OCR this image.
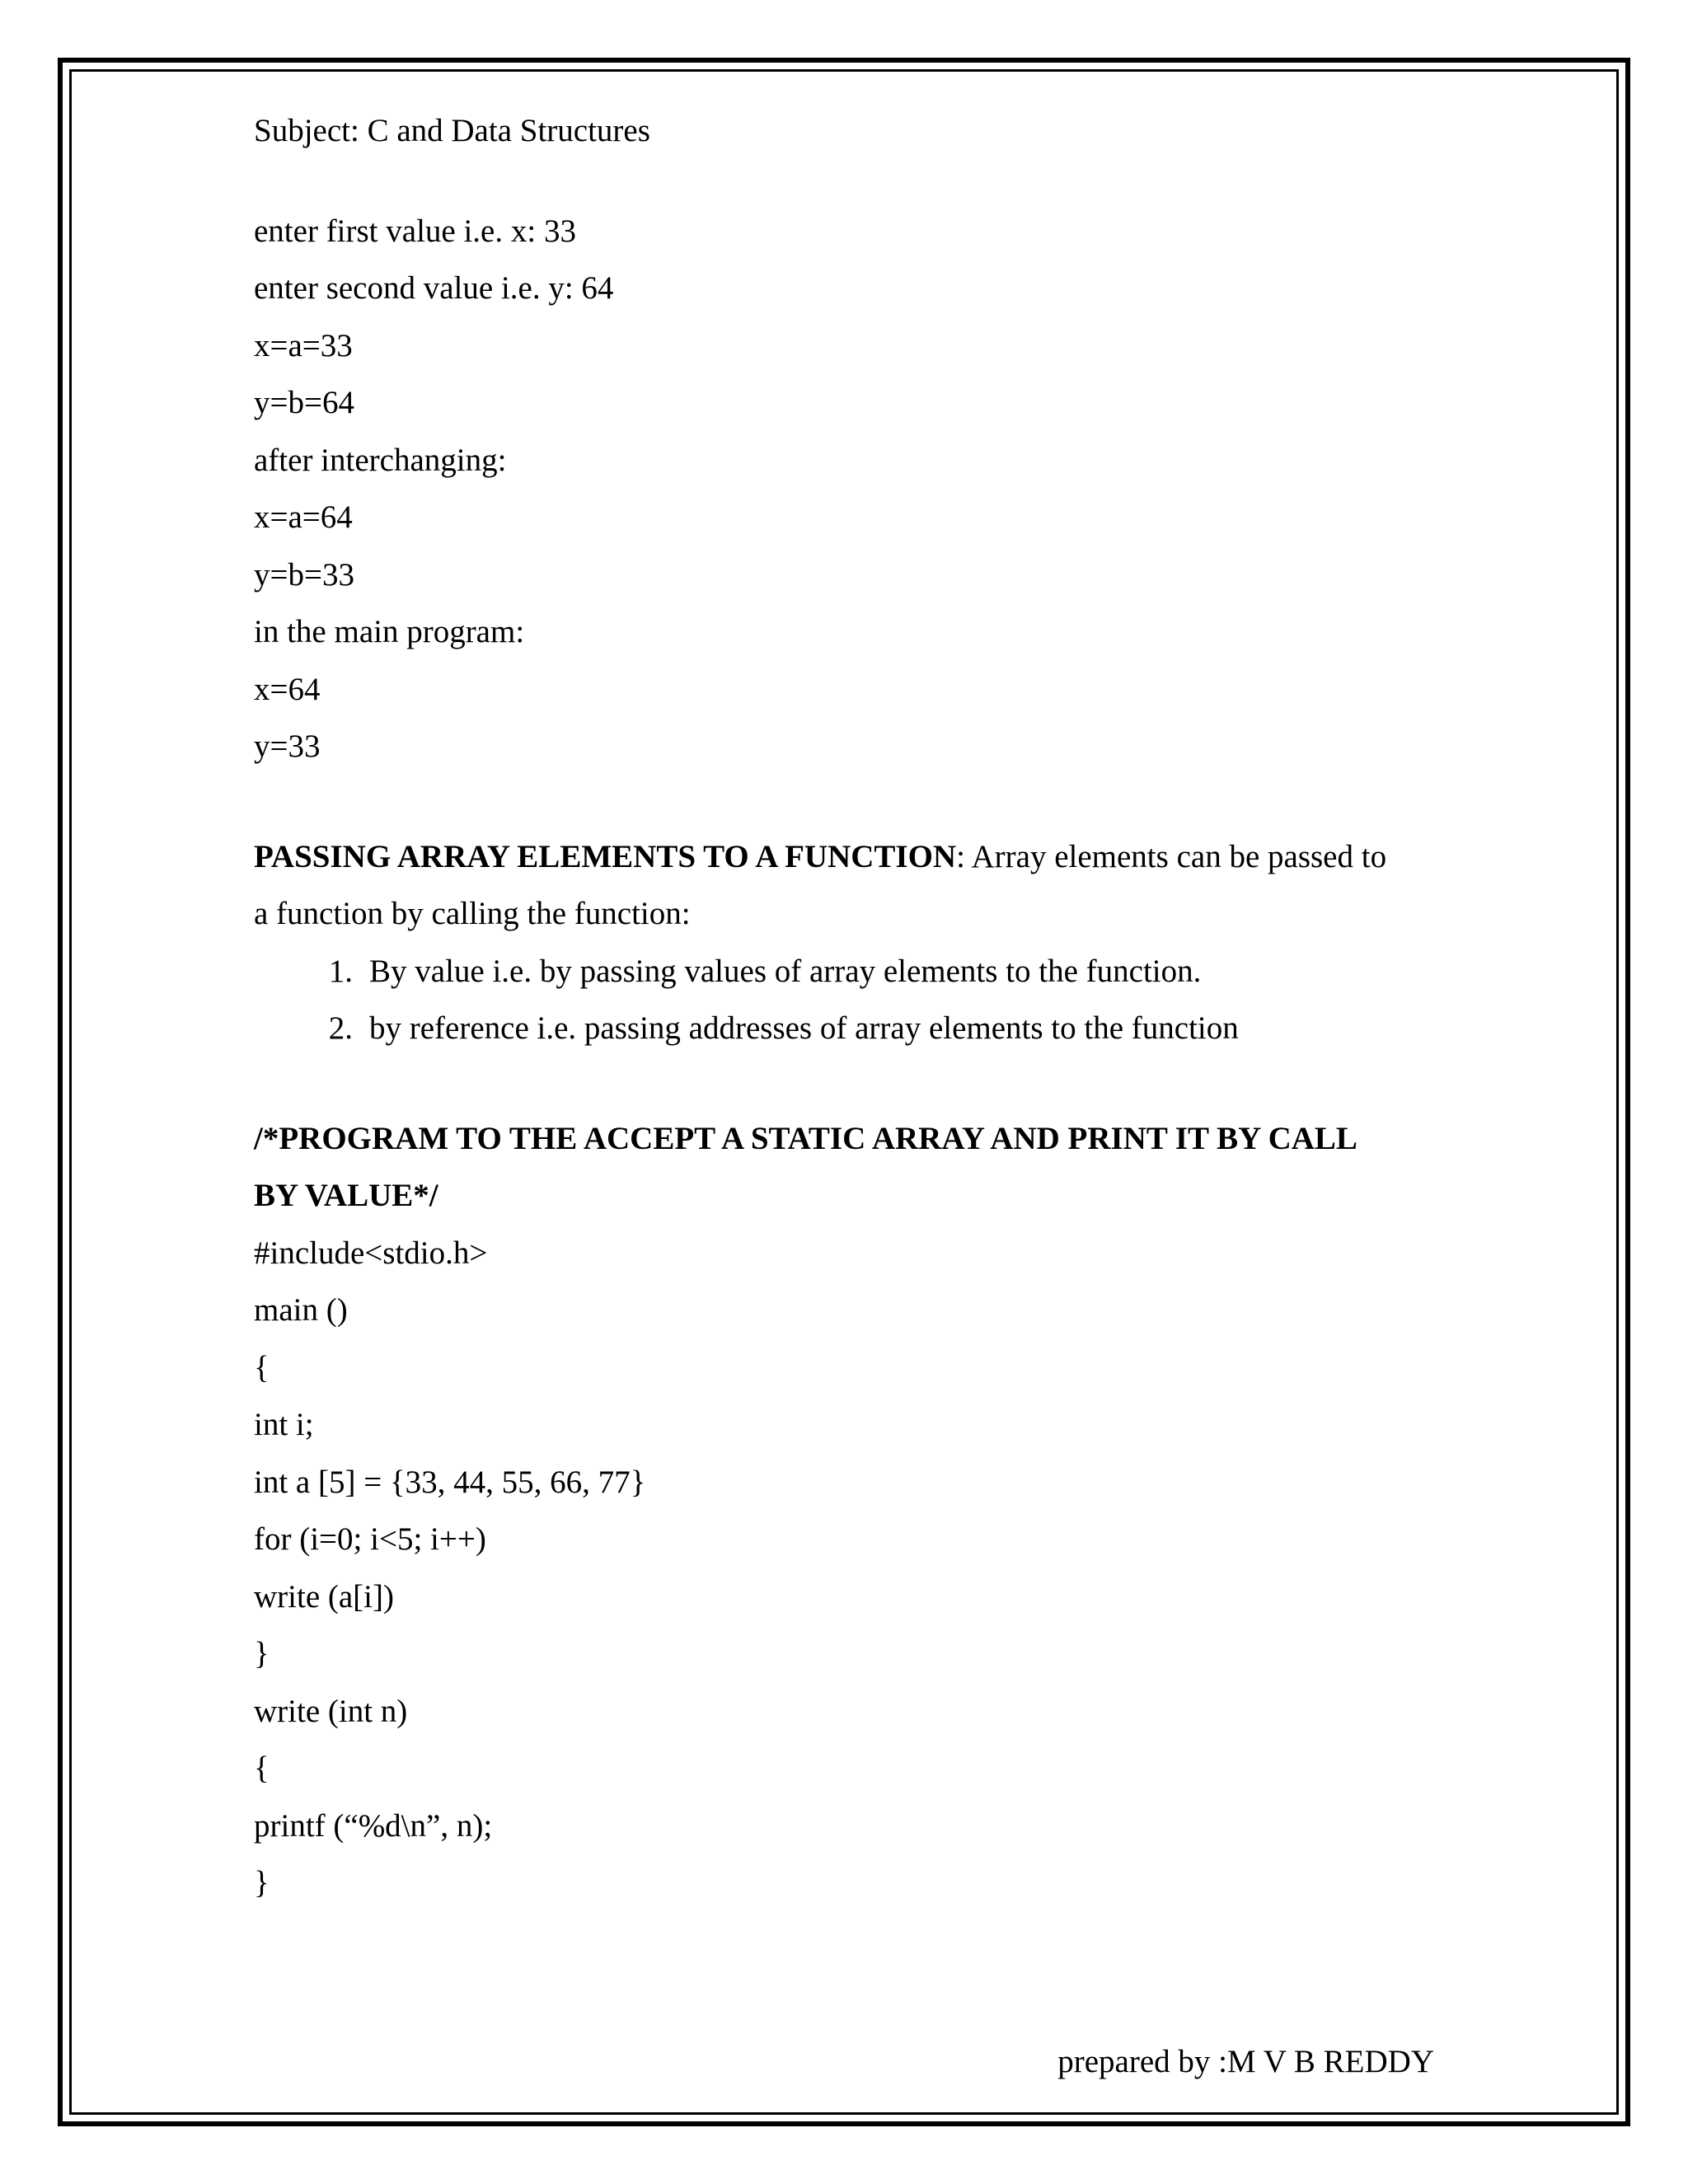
Subject: C and Data Structures
enter first value i.e. x: 33
enter second value i.e. y: 64
x=a=33
y=b=64
after interchanging:
x=a=64
y=b=33
in the main program:
x=64
y=33
PASSING ARRAY ELEMENTS TO A FUNCTION: Array elements can be passed to
a function by calling the function:
1. By value i.e. by passing values of array elements to the function.
2. by reference i.e. passing addresses of array elements to the function
/*PROGRAM TO THE ACCEPT A STATIC ARRAY AND PRINT IT BY CALL
BY VALUE*/
#include<stdio.h>
main ()
{
int i;
int a [5] = {33, 44, 55, 66, 77}
for (i=0; i<5; i++)
write (a[i])
}
write (int n)
{
printf (“%d\n”, n);
}
prepared by :M V B REDDY
